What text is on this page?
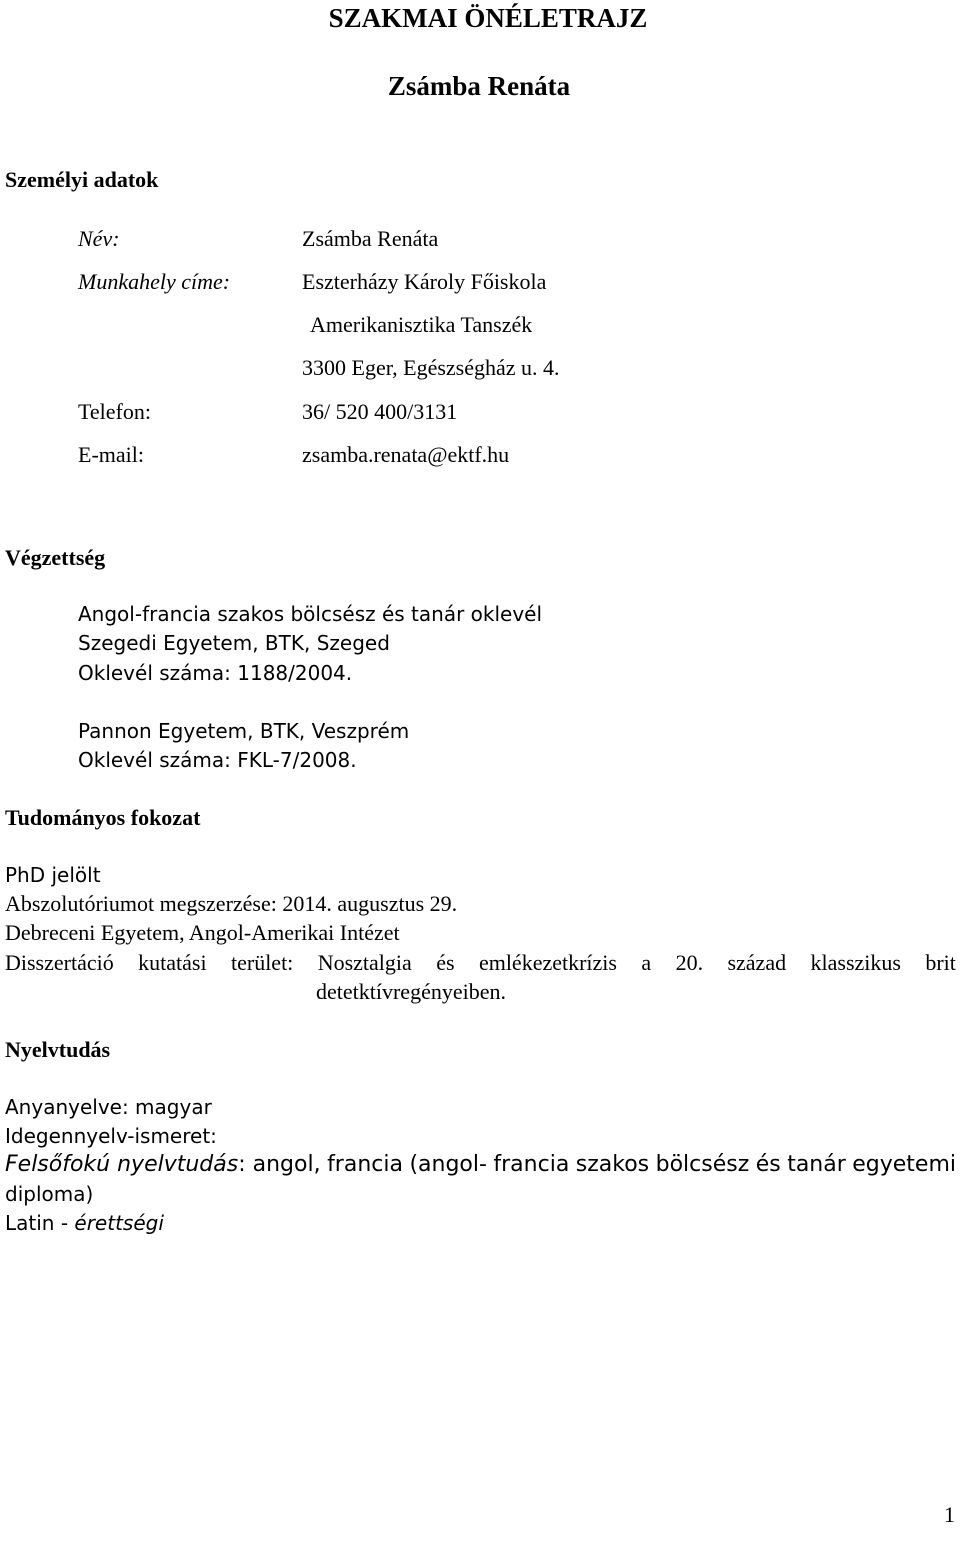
SZAKMAI ÖNÉLETRAJZ
Zsámba Renáta
Személyi adatok
Név:	Zsámba Renáta
Munkahely címe:	Eszterházy Károly Főiskola
Amerikanisztika Tanszék
3300 Eger, Egészségház u. 4.
Telefon:	36/ 520 400/3131
E-mail:	zsamba.renata@ektf.hu
Végzettség
Angol-francia szakos bölcsész és tanár oklevél
Szegedi Egyetem, BTK, Szeged
Oklevél száma: 1188/2004.
Pannon Egyetem, BTK, Veszprém
Oklevél száma: FKL-7/2008.
Tudományos fokozat
PhD jelölt
Abszolutóriumot megszerzése: 2014. augusztus 29.
Debreceni Egyetem, Angol-Amerikai Intézet
Disszertáció kutatási terület: Nosztalgia és emlékezetkrízis a 20. század klasszikus brit
detetktívregényeiben.
Nyelvtudás
Anyanyelve: magyar
Idegennyelv-ismeret:
Felsőfokú nyelvtudás: angol, francia (angol- francia szakos bölcsész és tanár egyetemi
diploma)
Latin - érettségi
1
